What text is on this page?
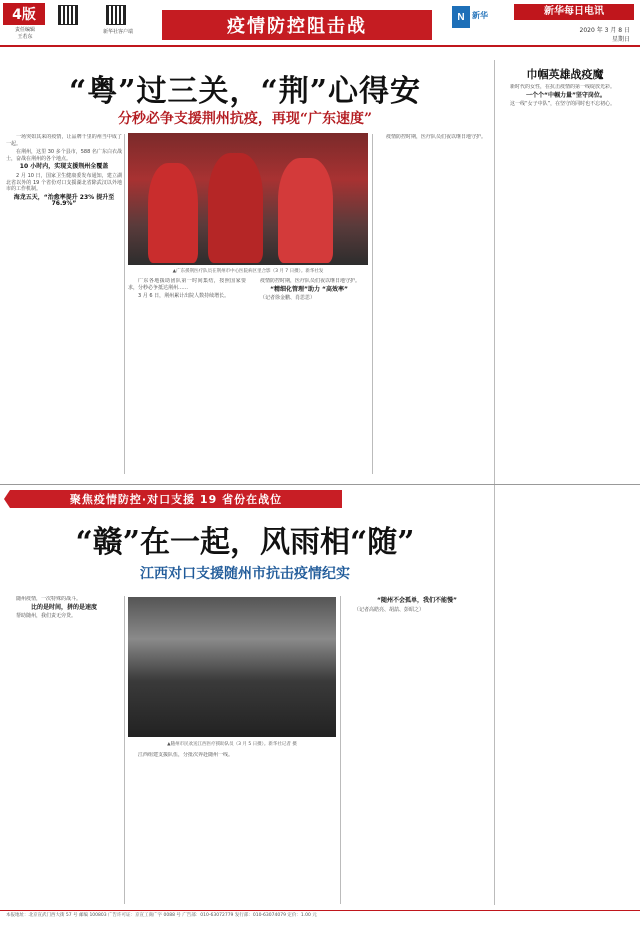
4版
责任编辑
王若东
新华社客户端	疫情防控阻击战	N 新华	新华每日电讯
2020 年 3 月 8 日
星期日
“粤”过三关，“荆”心得安
分秒必争支援荆州抗疫，再现“广东速度”
巾帼英雄战疫魔

一场突如其来的疫情，让品牌千里的州当中成了一起。

在荆州，这里 30 多个县市，588 名广东白衣战士，奋战在荆州的各个地点。

10 小时内，实现支援荆州全覆盖

2 月 10 日，国家卫生健康委发布通知，建立湖北省以外的 19 个省份对口支援湖北省除武汉以外地市的工作机制。

海龙五天，“治愈率提升 23% 提升至 76.9%”

▲广东援荆医疗队员在荆州市中心医院病区里合影（3 月 7 日摄）。新华社发

广东各地援助团队第一时间集结，按照国家要求，分秒必争抵达荆州……

3 月 6 日，荆州累计出院人数持续增长。

疫情防控时期，医疗队员们夜以继日地守护。

“精细化管理”助力 “高效率”

（记者徐金鹏、肖思思）

疫情防控时期，医疗队员们夜以继日地守护。

新时代的女性，在抗击疫情的第一线绽放光彩。

一个个“中帼力量”坚守岗位。

这一线“女子中队”，在坚守的同时也不忘初心。

聚焦疫情防控·对口支援 19 省份在战位
“赣”在一起，风雨相“随”
江西对口支援随州市抗击疫情纪实

随州疫情，一次特殊的战斗。

比的是时间，拼的是速度

帮助随州，我们责无旁贷。

▲随州市民欢送江西医疗援助队员（3 月 5 日摄）。新华社记者 摄

江西组建支援队伍，分批次奔赴随州一线。

“随州不会孤单，我们不能慢”

（记者高皓亮、胡喆、彭昭之）

本报地址：北京宣武门西大街 57 号 邮编 100803 广告许可证：京宣工商广字 0088 号 广告部：010-63072779 发行部：010-63074079 定价：1.00 元
